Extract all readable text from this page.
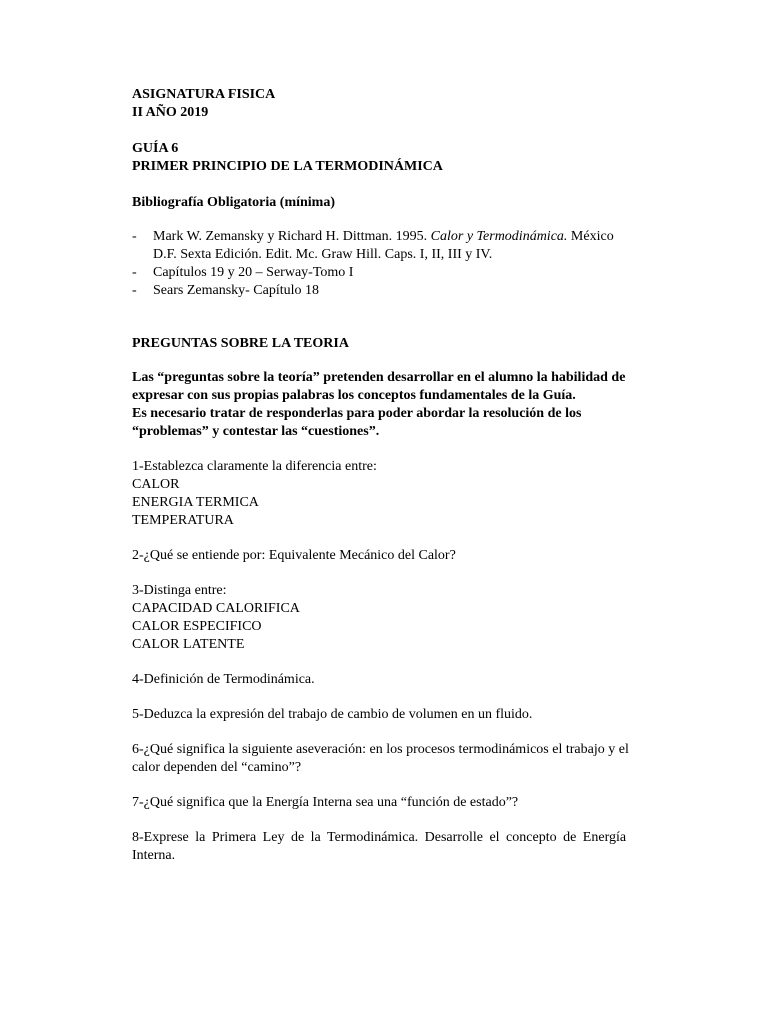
ASIGNATURA FISICA
II AÑO 2019
GUÍA 6
PRIMER PRINCIPIO DE LA TERMODINÁMICA
Bibliografía Obligatoria (mínima)
- Mark W. Zemansky y Richard H. Dittman. 1995. Calor y Termodinámica. México
D.F. Sexta Edición. Edit. Mc. Graw Hill. Caps. I, II, III y IV.
- Capítulos 19 y 20 – Serway-Tomo I
- Sears Zemansky- Capítulo 18
PREGUNTAS SOBRE LA TEORIA
Las “preguntas sobre la teoría” pretenden desarrollar en el alumno la habilidad de
expresar con sus propias palabras los conceptos fundamentales de la Guía.
Es necesario tratar de responderlas para poder abordar la resolución de los
“problemas” y contestar las “cuestiones”.
1-Establezca claramente la diferencia entre:
CALOR
ENERGIA TERMICA
TEMPERATURA
2-¿Qué se entiende por: Equivalente Mecánico del Calor?
3-Distinga entre:
CAPACIDAD CALORIFICA
CALOR ESPECIFICO
CALOR LATENTE
4-Definición de Termodinámica.
5-Deduzca la expresión del trabajo de cambio de volumen en un fluido.
6-¿Qué significa la siguiente aseveración: en los procesos termodinámicos el trabajo y el
calor dependen del “camino”?
7-¿Qué significa que la Energía Interna sea una “función de estado”?
8-Exprese la Primera Ley de la Termodinámica. Desarrolle el concepto de Energía
Interna.
